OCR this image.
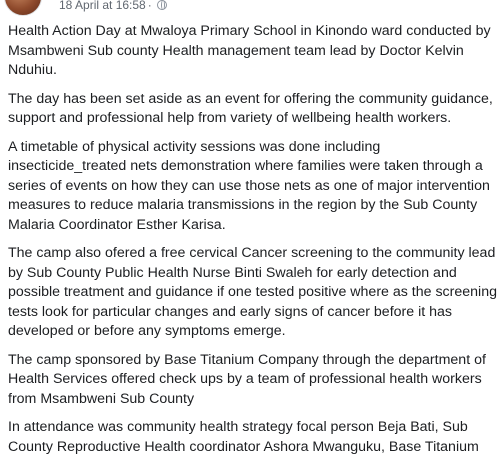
18 April at 16:58 ·

Health Action Day at Mwaloya Primary School in Kinondo ward conducted by Msambweni Sub county Health management team lead by Doctor Kelvin Nduhiu.

The day has been set aside as an event for offering the community guidance, support and professional help from variety of wellbeing health workers.

A timetable of physical activity sessions was done including insecticide_treated nets demonstration where families were taken through a series of events on how they can use those nets as one of major intervention measures to reduce malaria transmissions in the region by the Sub County Malaria Coordinator Esther Karisa.

The camp also ofered a free cervical Cancer screening to the community lead by Sub County Public Health Nurse Binti Swaleh for early detection and possible treatment and guidance if one tested positive where as the screening tests look for particular changes and early signs of cancer before it has developed or before any symptoms emerge.

The camp sponsored by Base Titanium Company through the department of Health Services offered check ups by a team of professional health workers from Msambweni Sub County

In attendance was community health strategy focal person Beja Bati, Sub County Reproductive Health coordinator Ashora Mwanguku, Base Titanium
